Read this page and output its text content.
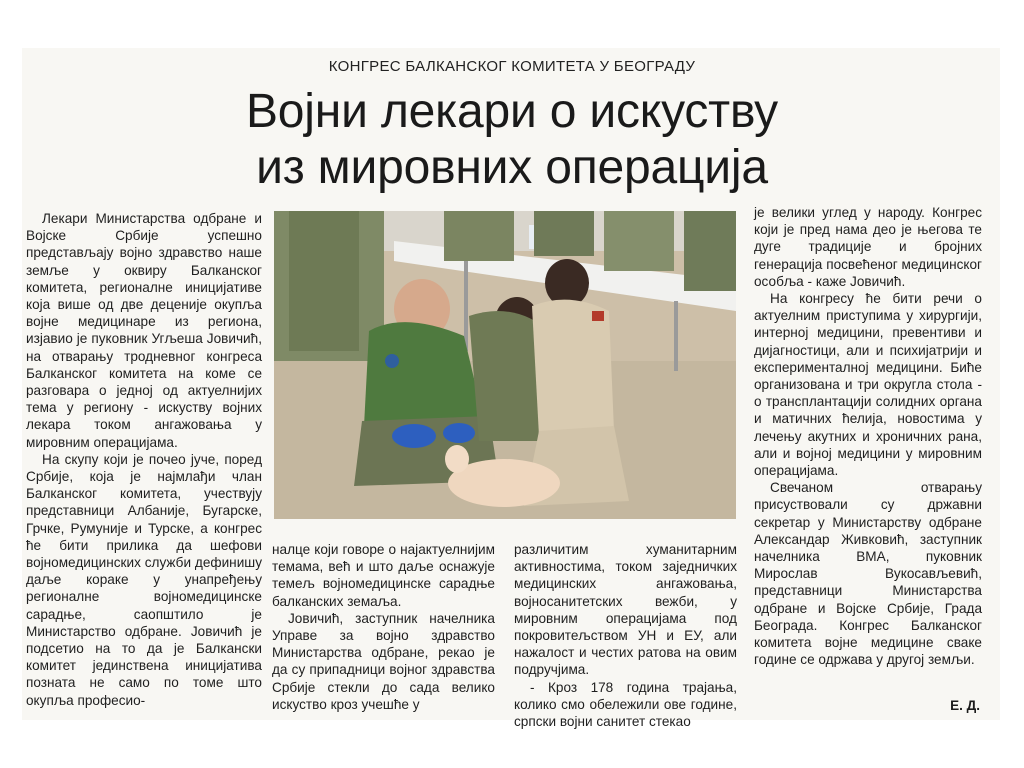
КОНГРЕС БАЛКАНСКОГ КОМИТЕТА У БЕОГРАДУ
Војни лекари о искуству
из мировних операција

Лекари Министарства одбране и Војске Србије успешно представљају војно здравство наше земље у оквиру Балканског комитета, регионалне иницијативе која више од две деценије окупља војне медицинаре из региона, изјавио је пуковник Угљеша Јовичић, на отварању тродневног конгреса Балканског комитета на коме се разговара о једној од актуелнијих тема у региону - искуству војних лекара током ангажовања у мировним операцијама.

На скупу који је почео јуче, поред Србије, која је најмлађи члан Балканског комитета, учествују представници Албаније, Бугарске, Грчке, Румуније и Турске, а конгрес ће бити прилика да шефови војномедицинских служби дефинишу даље кораке у унапређењу регионалне војномедицинске сарадње, саопштило је Министарство одбране. Јовичић је подсетио на то да је Балкански комитет јединствена иницијатива позната не само по томе што окупља професио-

налце који говоре о најактуелнијим темама, већ и што даље оснажује темељ војномедицинске сарадње балканских земаља.

Јовичић, заступник начелника Управе за војно здравство Министарства одбране, рекао је да су припадници војног здравства Србије стекли до сада велико искуство кроз учешће у

различитим хуманитарним активностима, током заједничких медицинских ангажовања, војносанитетских вежби, у мировним операцијама под покровитељством УН и ЕУ, али нажалост и честих ратова на овим подручјима.

- Кроз 178 година трајања, колико смо обележили ове године, српски војни санитет стекао

је велики углед у народу. Конгрес који је пред нама део је његова те дуге традиције и бројних генерација посвећеног медицинског особља - каже Јовичић.

На конгресу ће бити речи о актуелним приступима у хирургији, интерној медицини, превентиви и дијагностици, али и психијатрији и експерименталној медицини. Биће организована и три округла стола - о трансплантацији солидних органа и матичних ћелија, новостима у лечењу акутних и хроничних рана, али и војној медицини у мировним операцијама.

Свечаном отварању присуствовали су државни секретар у Министарству одбране Александар Живковић, заступник начелника ВМА, пуковник Мирослав Вукосављевић, представници Министарства одбране и Војске Србије, Града Београда. Конгрес Балканског комитета војне медицине сваке године се одржава у другој земљи.

Е. Д.
